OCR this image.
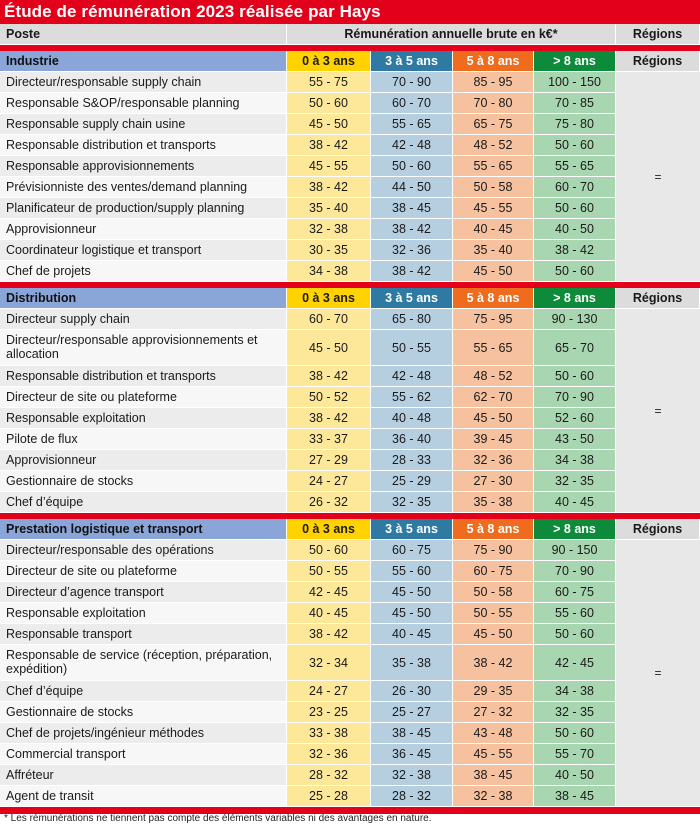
Étude de rémunération 2023 réalisée par Hays
Poste	Rémunération annuelle brute en k€*	Régions
Industrie	0 à 3 ans	3 à 5 ans	5 à 8 ans	> 8 ans	Régions
Directeur/responsable supply chain	55 - 75	70 - 90	85 - 95	100 - 150
Responsable S&OP/responsable planning	50 - 60	60 - 70	70 - 80	70 - 85
Responsable supply chain usine	45 - 50	55 - 65	65 - 75	75 - 80
Responsable distribution et transports	38 - 42	42 - 48	48 - 52	50 - 60
Responsable approvisionnements	45 - 55	50 - 60	55 - 65	55 - 65
Prévisionniste des ventes/demand planning	38 - 42	44 - 50	50 - 58	60 - 70
Planificateur de production/supply planning	35 - 40	38 - 45	45 - 55	50 - 60
Approvisionneur	32 - 38	38 - 42	40 - 45	40 - 50
Coordinateur logistique et transport	30 - 35	32 - 36	35 - 40	38 - 42
Chef de projets	34 - 38	38 - 42	45 - 50	50 - 60
=
Distribution	0 à 3 ans	3 à 5 ans	5 à 8 ans	> 8 ans	Régions
Directeur supply chain	60 - 70	65 - 80	75 - 95	90 - 130
Directeur/responsable approvisionnements et allocation	45 - 50	50 - 55	55 - 65	65 - 70
Responsable distribution et transports	38 - 42	42 - 48	48 - 52	50 - 60
Directeur de site ou plateforme	50 - 52	55 - 62	62 - 70	70 - 90
Responsable exploitation	38 - 42	40 - 48	45 - 50	52 - 60
Pilote de flux	33 - 37	36 - 40	39 - 45	43 - 50
Approvisionneur	27 - 29	28 - 33	32 - 36	34 - 38
Gestionnaire de stocks	24 - 27	25 - 29	27 - 30	32 - 35
Chef d’équipe	26 - 32	32 - 35	35 - 38	40 - 45
=
Prestation logistique et transport	0 à 3 ans	3 à 5 ans	5 à 8 ans	> 8 ans	Régions
Directeur/responsable des opérations	50 - 60	60 - 75	75 - 90	90 - 150
Directeur de site ou plateforme	50 - 55	55 - 60	60 - 75	70 - 90
Directeur d’agence transport	42 - 45	45 - 50	50 - 58	60 - 75
Responsable exploitation	40 - 45	45 - 50	50 - 55	55 - 60
Responsable transport	38 - 42	40 - 45	45 - 50	50 - 60
Responsable de service (réception, préparation, expédition)	32 - 34	35 - 38	38 - 42	42 - 45
Chef d’équipe	24 - 27	26 - 30	29 - 35	34 - 38
Gestionnaire de stocks	23 - 25	25 - 27	27 - 32	32 - 35
Chef de projets/ingénieur méthodes	33 - 38	38 - 45	43 - 48	50 - 60
Commercial transport	32 - 36	36 - 45	45 - 55	55 - 70
Affréteur	28 - 32	32 - 38	38 - 45	40 - 50
Agent de transit	25 - 28	28 - 32	32 - 38	38 - 45
=
* Les rémunérations ne tiennent pas compte des éléments variables ni des avantages en nature.
